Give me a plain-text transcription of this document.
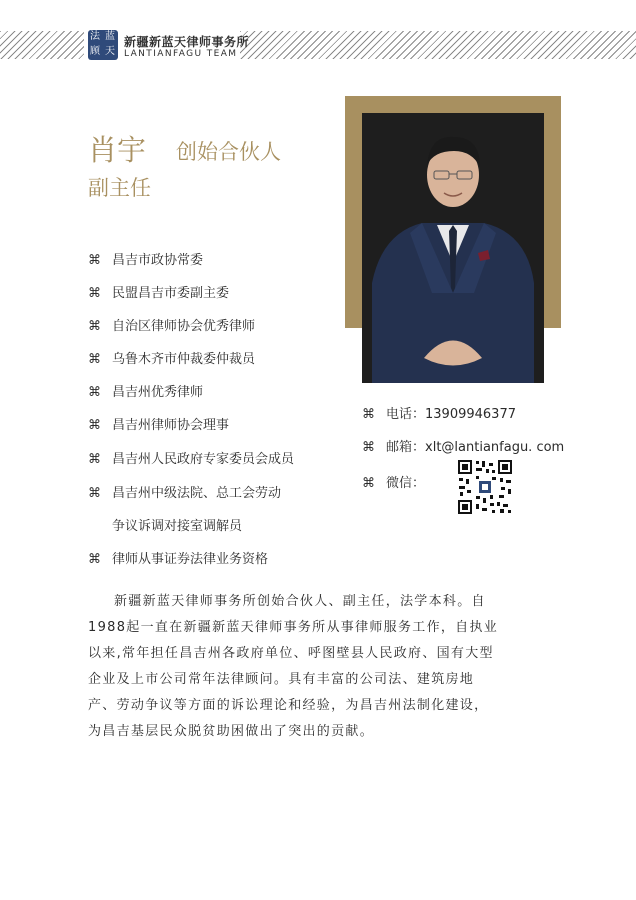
法 蓝
顾 天
新疆新蓝天律师事务所
LANTIANFAGU TEAM
肖宇 创始合伙人
副主任
⌘ 昌吉市政协常委
⌘ 民盟昌吉市委副主委
⌘ 自治区律师协会优秀律师
⌘ 乌鲁木齐市仲裁委仲裁员
⌘ 昌吉州优秀律师
⌘ 昌吉州律师协会理事
⌘ 昌吉州人民政府专家委员会成员
⌘ 昌吉州中级法院、总工会劳动
争议诉调对接室调解员
⌘ 律师从事证券法律业务资格
⌘ 电话：13909946377
⌘ 邮箱：xlt@lantianfagu. com
⌘ 微信：
新疆新蓝天律师事务所创始合伙人、副主任，法学本科。自
1988起一直在新疆新蓝天律师事务所从事律师服务工作，自执业
以来,常年担任昌吉州各政府单位、呼图壁县人民政府、国有大型
企业及上市公司常年法律顾问。具有丰富的公司法、建筑房地
产、劳动争议等方面的诉讼理论和经验，为昌吉州法制化建设，
为昌吉基层民众脱贫助困做出了突出的贡献。
